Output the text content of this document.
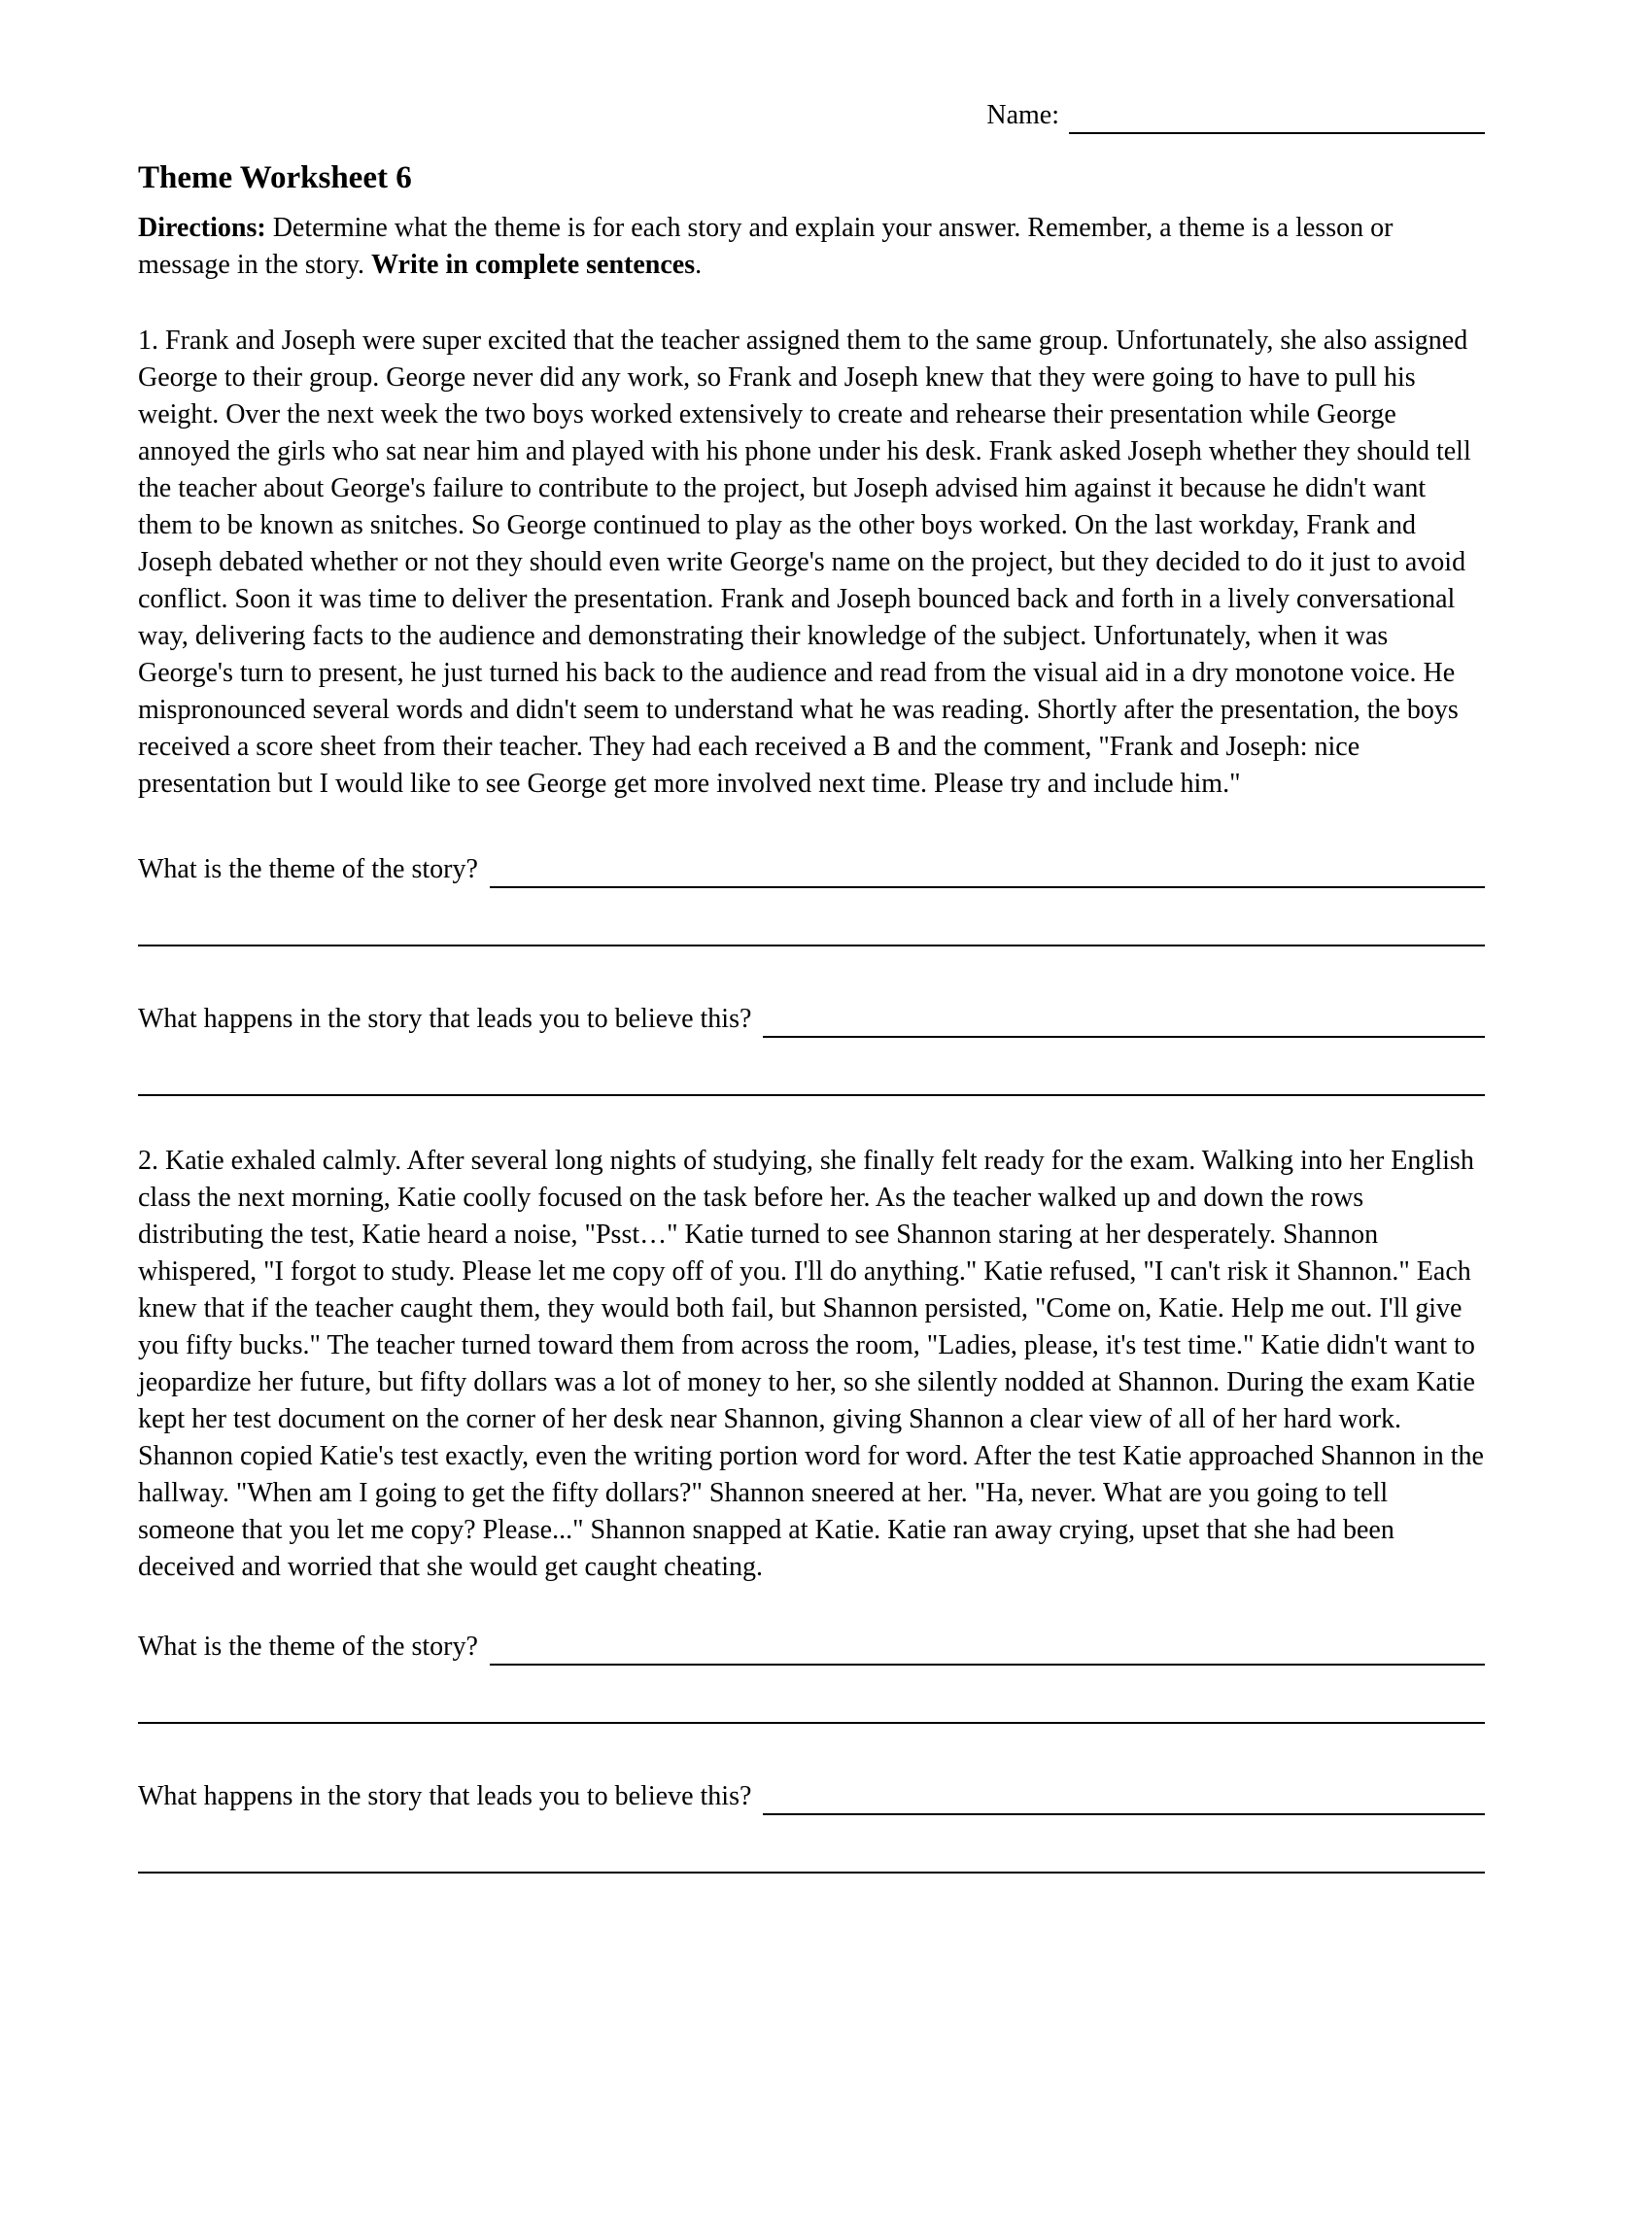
Name:
Theme Worksheet 6

Directions: Determine what the theme is for each story and explain your answer. Remember, a theme is a lesson or message in the story. Write in complete sentences.

1. Frank and Joseph were super excited that the teacher assigned them to the same group. Unfortunately, she also assigned George to their group. George never did any work, so Frank and Joseph knew that they were going to have to pull his weight. Over the next week the two boys worked extensively to create and rehearse their presentation while George annoyed the girls who sat near him and played with his phone under his desk. Frank asked Joseph whether they should tell the teacher about George's failure to contribute to the project, but Joseph advised him against it because he didn't want them to be known as snitches. So George continued to play as the other boys worked. On the last workday, Frank and Joseph debated whether or not they should even write George's name on the project, but they decided to do it just to avoid conflict. Soon it was time to deliver the presentation. Frank and Joseph bounced back and forth in a lively conversational way, delivering facts to the audience and demonstrating their knowledge of the subject. Unfortunately, when it was George's turn to present, he just turned his back to the audience and read from the visual aid in a dry monotone voice. He mispronounced several words and didn't seem to understand what he was reading. Shortly after the presentation, the boys received a score sheet from their teacher. They had each received a B and the comment, "Frank and Joseph: nice presentation but I would like to see George get more involved next time. Please try and include him."

What is the theme of the story?
What happens in the story that leads you to believe this?

2. Katie exhaled calmly. After several long nights of studying, she finally felt ready for the exam. Walking into her English class the next morning, Katie coolly focused on the task before her. As the teacher walked up and down the rows distributing the test, Katie heard a noise, "Psst…" Katie turned to see Shannon staring at her desperately. Shannon whispered, "I forgot to study. Please let me copy off of you. I'll do anything." Katie refused, "I can't risk it Shannon." Each knew that if the teacher caught them, they would both fail, but Shannon persisted, "Come on, Katie. Help me out. I'll give you fifty bucks." The teacher turned toward them from across the room, "Ladies, please, it's test time." Katie didn't want to jeopardize her future, but fifty dollars was a lot of money to her, so she silently nodded at Shannon. During the exam Katie kept her test document on the corner of her desk near Shannon, giving Shannon a clear view of all of her hard work. Shannon copied Katie's test exactly, even the writing portion word for word. After the test Katie approached Shannon in the hallway. "When am I going to get the fifty dollars?" Shannon sneered at her. "Ha, never. What are you going to tell someone that you let me copy? Please..." Shannon snapped at Katie. Katie ran away crying, upset that she had been deceived and worried that she would get caught cheating.

What is the theme of the story?
What happens in the story that leads you to believe this?
